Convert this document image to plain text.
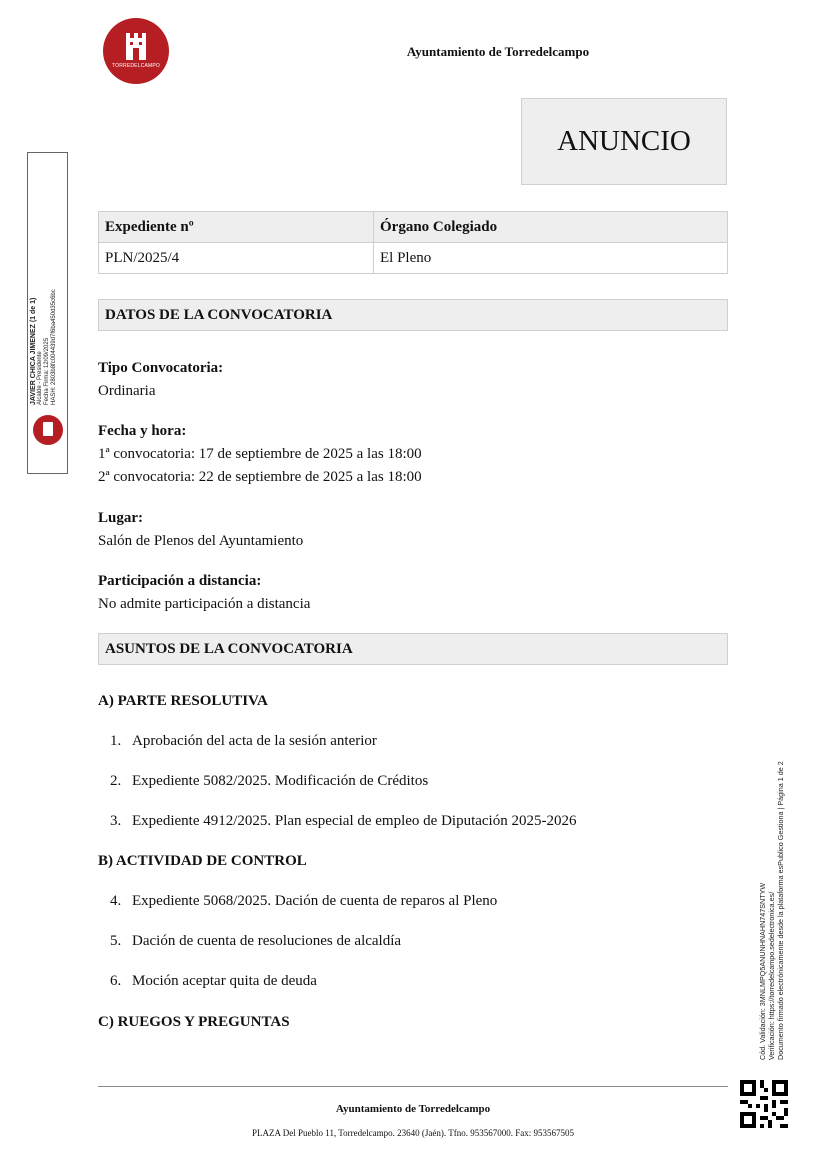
TORREDELCAMPO
Ayuntamiento de Torredelcampo
ANUNCIO
JAVIER CHICA JIMENEZ (1 de 1) Alcalde - Presidente Fecha Firma: 12/09/2025 HASH: 2803b8fc004439d7f6ba450d35c6bc
Expediente nº	Órgano Colegiado
PLN/2025/4	El Pleno
DATOS DE LA CONVOCATORIA
Tipo Convocatoria:
Ordinaria
Fecha y hora:
1ª convocatoria: 17 de septiembre de 2025 a las 18:00
2ª convocatoria: 22 de septiembre de 2025 a las 18:00
Lugar:
Salón de Plenos del Ayuntamiento
Participación a distancia:
No admite participación a distancia
ASUNTOS DE LA CONVOCATORIA
A) PARTE RESOLUTIVA
1. Aprobación del acta de la sesión anterior
2. Expediente 5082/2025. Modificación de Créditos
3. Expediente 4912/2025. Plan especial de empleo de Diputación 2025-2026
B) ACTIVIDAD DE CONTROL
4. Expediente 5068/2025. Dación de cuenta de reparos al Pleno
5. Dación de cuenta de resoluciones de alcaldía
6. Moción aceptar quita de deuda
C) RUEGOS Y PREGUNTAS	Cód. Validación: 3MNLMPQ5ANUNHNAHN747SNTYW Verificación: https://torredelcampo.sedelectronica.es/ Documento firmado electrónicamente desde la plataforma esPublico Gestiona | Página 1 de 2
Ayuntamiento de Torredelcampo
PLAZA Del Pueblo 11, Torredelcampo. 23640 (Jaén). Tfno. 953567000. Fax: 953567505
